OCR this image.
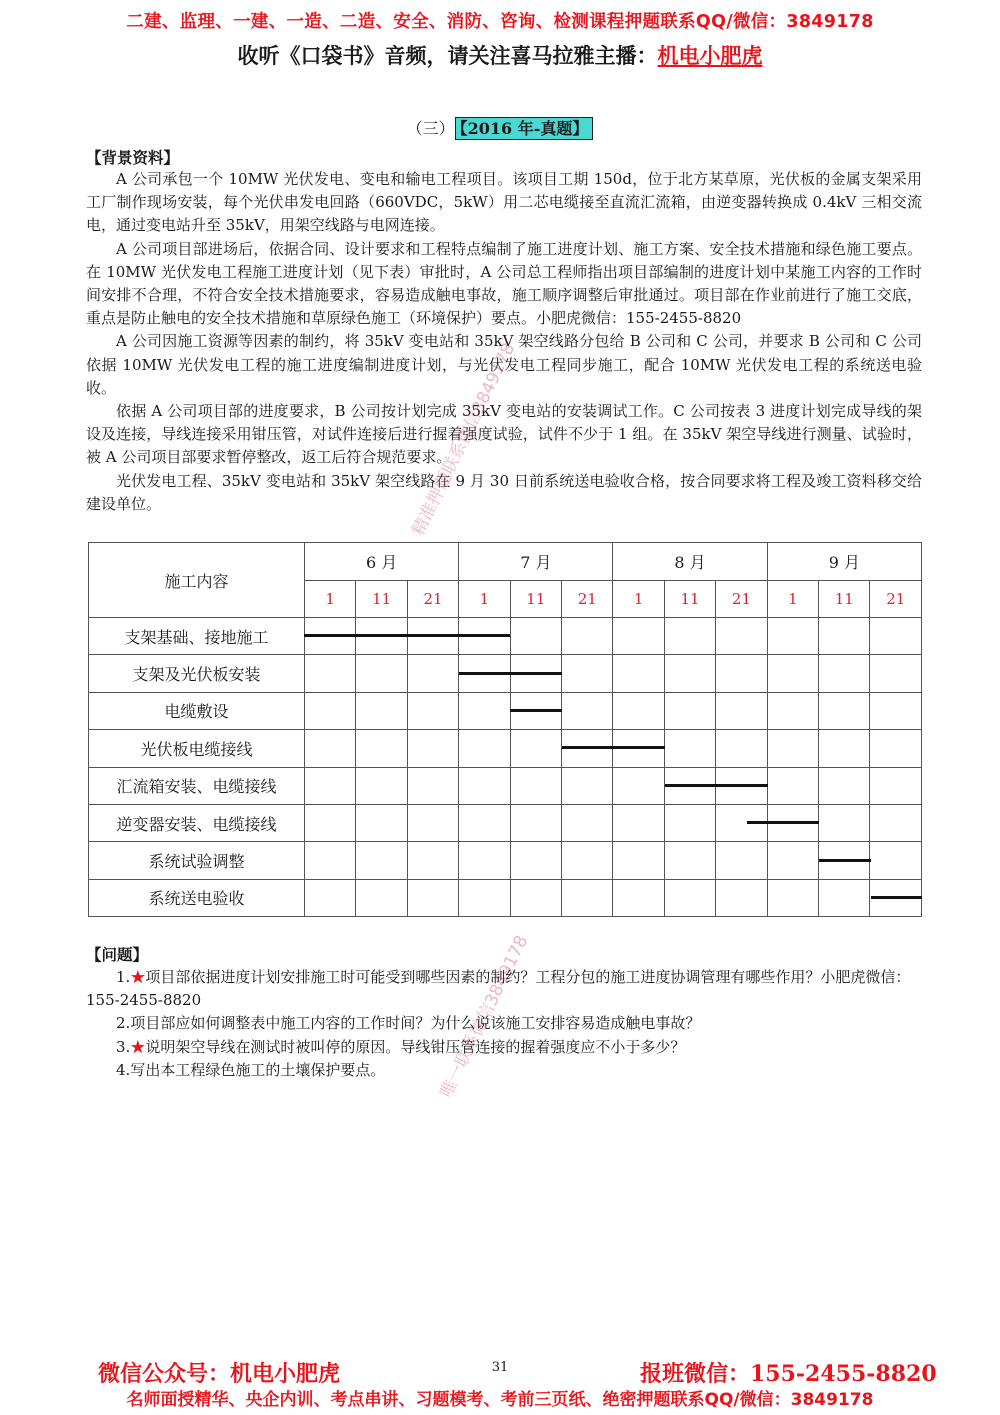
二建、监理、一建、一造、二造、安全、消防、咨询、检测课程押题联系QQ/微信：3849178
收听《口袋书》音频，请关注喜马拉雅主播：机电小肥虎
（三） 【2016 年-真题】
【背景资料】

A 公司承包一个 10MW 光伏发电、变电和输电工程项目。该项目工期 150d，位于北方某草原，光伏板的金属支架采用工厂制作现场安装，每个光伏串发电回路（660VDC，5kW）用二芯电缆接至直流汇流箱，由逆变器转换成 0.4kV 三相交流电，通过变电站升至 35kV，用架空线路与电网连接。

A 公司项目部进场后，依据合同、设计要求和工程特点编制了施工进度计划、施工方案、安全技术措施和绿色施工要点。在 10MW 光伏发电工程施工进度计划（见下表）审批时，A 公司总工程师指出项目部编制的进度计划中某施工内容的工作时间安排不合理，不符合安全技术措施要求，容易造成触电事故，施工顺序调整后审批通过。项目部在作业前进行了施工交底，重点是防止触电的安全技术措施和草原绿色施工（环境保护）要点。小肥虎微信：155-2455-8820

A 公司因施工资源等因素的制约，将 35kV 变电站和 35kV 架空线路分包给 B 公司和 C 公司，并要求 B 公司和 C 公司依据 10MW 光伏发电工程的施工进度编制进度计划，与光伏发电工程同步施工，配合 10MW 光伏发电工程的系统送电验收。

依据 A 公司项目部的进度要求，B 公司按计划完成 35kV 变电站的安装调试工作。C 公司按表 3 进度计划完成导线的架设及连接，导线连接采用钳压管，对试件连接后进行握着强度试验，试件不少于 1 组。在 35kV 架空导线进行测量、试验时，被 A 公司项目部要求暂停整改，返工后符合规范要求。

光伏发电工程、35kV 变电站和 35kV 架空线路在 9 月 30 日前系统送电验收合格，按合同要求将工程及竣工资料移交给建设单位。

施工内容	6 月			7 月			8 月			9 月		
	1	11	21	1	11	21	1	11	21	1	11	21
支架基础、接地施工												
支架及光伏板安装												
电缆敷设												
光伏板电缆接线												
汇流箱安装、电缆接线												
逆变器安装、电缆接线												
系统试验调整												
系统送电验收												
精准押题联系微信3849178
唯一联系微信3849178
【问题】

1.★项目部依据进度计划安排施工时可能受到哪些因素的制约？工程分包的施工进度协调管理有哪些作用？小肥虎微信：155-2455-8820

2.项目部应如何调整表中施工内容的工作时间？为什么说该施工安排容易造成触电事故？

3.★说明架空导线在测试时被叫停的原因。导线钳压管连接的握着强度应不小于多少？

4.写出本工程绿色施工的土壤保护要点。

31
微信公众号：机电小肥虎	报班微信：155-2455-8820
名师面授精华、央企内训、考点串讲、习题模考、考前三页纸、绝密押题联系QQ/微信：3849178
